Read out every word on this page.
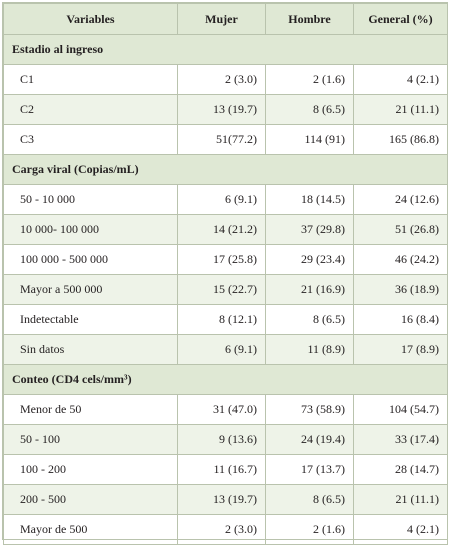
Variables	Mujer	Hombre	General (%)
Estadio al ingreso			
C1	2 (3.0)	2 (1.6)	4 (2.1)
C2	13 (19.7)	8 (6.5)	21 (11.1)
C3	51(77.2)	114 (91)	165 (86.8)
Carga viral (Copias/mL)			
50 - 10 000	6 (9.1)	18 (14.5)	24 (12.6)
10 000- 100 000	14 (21.2)	37 (29.8)	51 (26.8)
100 000 - 500 000	17 (25.8)	29 (23.4)	46 (24.2)
Mayor a 500 000	15 (22.7)	21 (16.9)	36 (18.9)
Indetectable	8 (12.1)	8 (6.5)	16 (8.4)
Sin datos	6 (9.1)	11 (8.9)	17 (8.9)
Conteo (CD4 cels/mm³)			
Menor de 50	31 (47.0)	73 (58.9)	104 (54.7)
50 - 100	9 (13.6)	24 (19.4)	33 (17.4)
100 - 200	11 (16.7)	17 (13.7)	28 (14.7)
200 - 500	13 (19.7)	8 (6.5)	21 (11.1)
Mayor de 500	2 (3.0)	2 (1.6)	4 (2.1)
